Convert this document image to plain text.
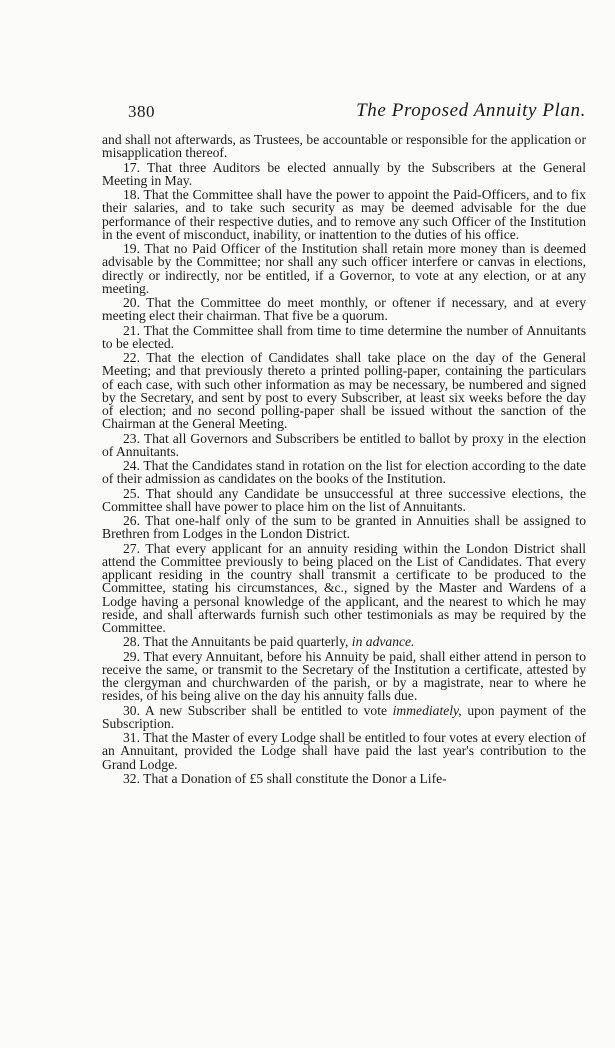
380	The Proposed Annuity Plan.

and shall not afterwards, as Trustees, be accountable or responsible for the application or misapplication thereof.

17. That three Auditors be elected annually by the Subscribers at the General Meeting in May.

18. That the Committee shall have the power to appoint the Paid-Officers, and to fix their salaries, and to take such security as may be deemed advisable for the due performance of their respective duties, and to remove any such Officer of the Institution in the event of misconduct, inability, or inattention to the duties of his office.

19. That no Paid Officer of the Institution shall retain more money than is deemed advisable by the Committee; nor shall any such officer interfere or canvas in elections, directly or indirectly, nor be entitled, if a Governor, to vote at any election, or at any meeting.

20. That the Committee do meet monthly, or oftener if necessary, and at every meeting elect their chairman. That five be a quorum.

21. That the Committee shall from time to time determine the number of Annuitants to be elected.

22. That the election of Candidates shall take place on the day of the General Meeting; and that previously thereto a printed polling-paper, containing the particulars of each case, with such other information as may be necessary, be numbered and signed by the Secretary, and sent by post to every Subscriber, at least six weeks before the day of election; and no second polling-paper shall be issued without the sanction of the Chairman at the General Meeting.

23. That all Governors and Subscribers be entitled to ballot by proxy in the election of Annuitants.

24. That the Candidates stand in rotation on the list for election according to the date of their admission as candidates on the books of the Institution.

25. That should any Candidate be unsuccessful at three successive elections, the Committee shall have power to place him on the list of Annuitants.

26. That one-half only of the sum to be granted in Annuities shall be assigned to Brethren from Lodges in the London District.

27. That every applicant for an annuity residing within the London District shall attend the Committee previously to being placed on the List of Candidates. That every applicant residing in the country shall transmit a certificate to be produced to the Committee, stating his circumstances, &c., signed by the Master and Wardens of a Lodge having a personal knowledge of the applicant, and the nearest to which he may reside, and shall afterwards furnish such other testimonials as may be required by the Committee.

28. That the Annuitants be paid quarterly, in advance.

29. That every Annuitant, before his Annuity be paid, shall either attend in person to receive the same, or transmit to the Secretary of the Institution a certificate, attested by the clergyman and churchwarden of the parish, or by a magistrate, near to where he resides, of his being alive on the day his annuity falls due.

30. A new Subscriber shall be entitled to vote immediately, upon payment of the Subscription.

31. That the Master of every Lodge shall be entitled to four votes at every election of an Annuitant, provided the Lodge shall have paid the last year's contribution to the Grand Lodge.

32. That a Donation of £5 shall constitute the Donor a Life-
